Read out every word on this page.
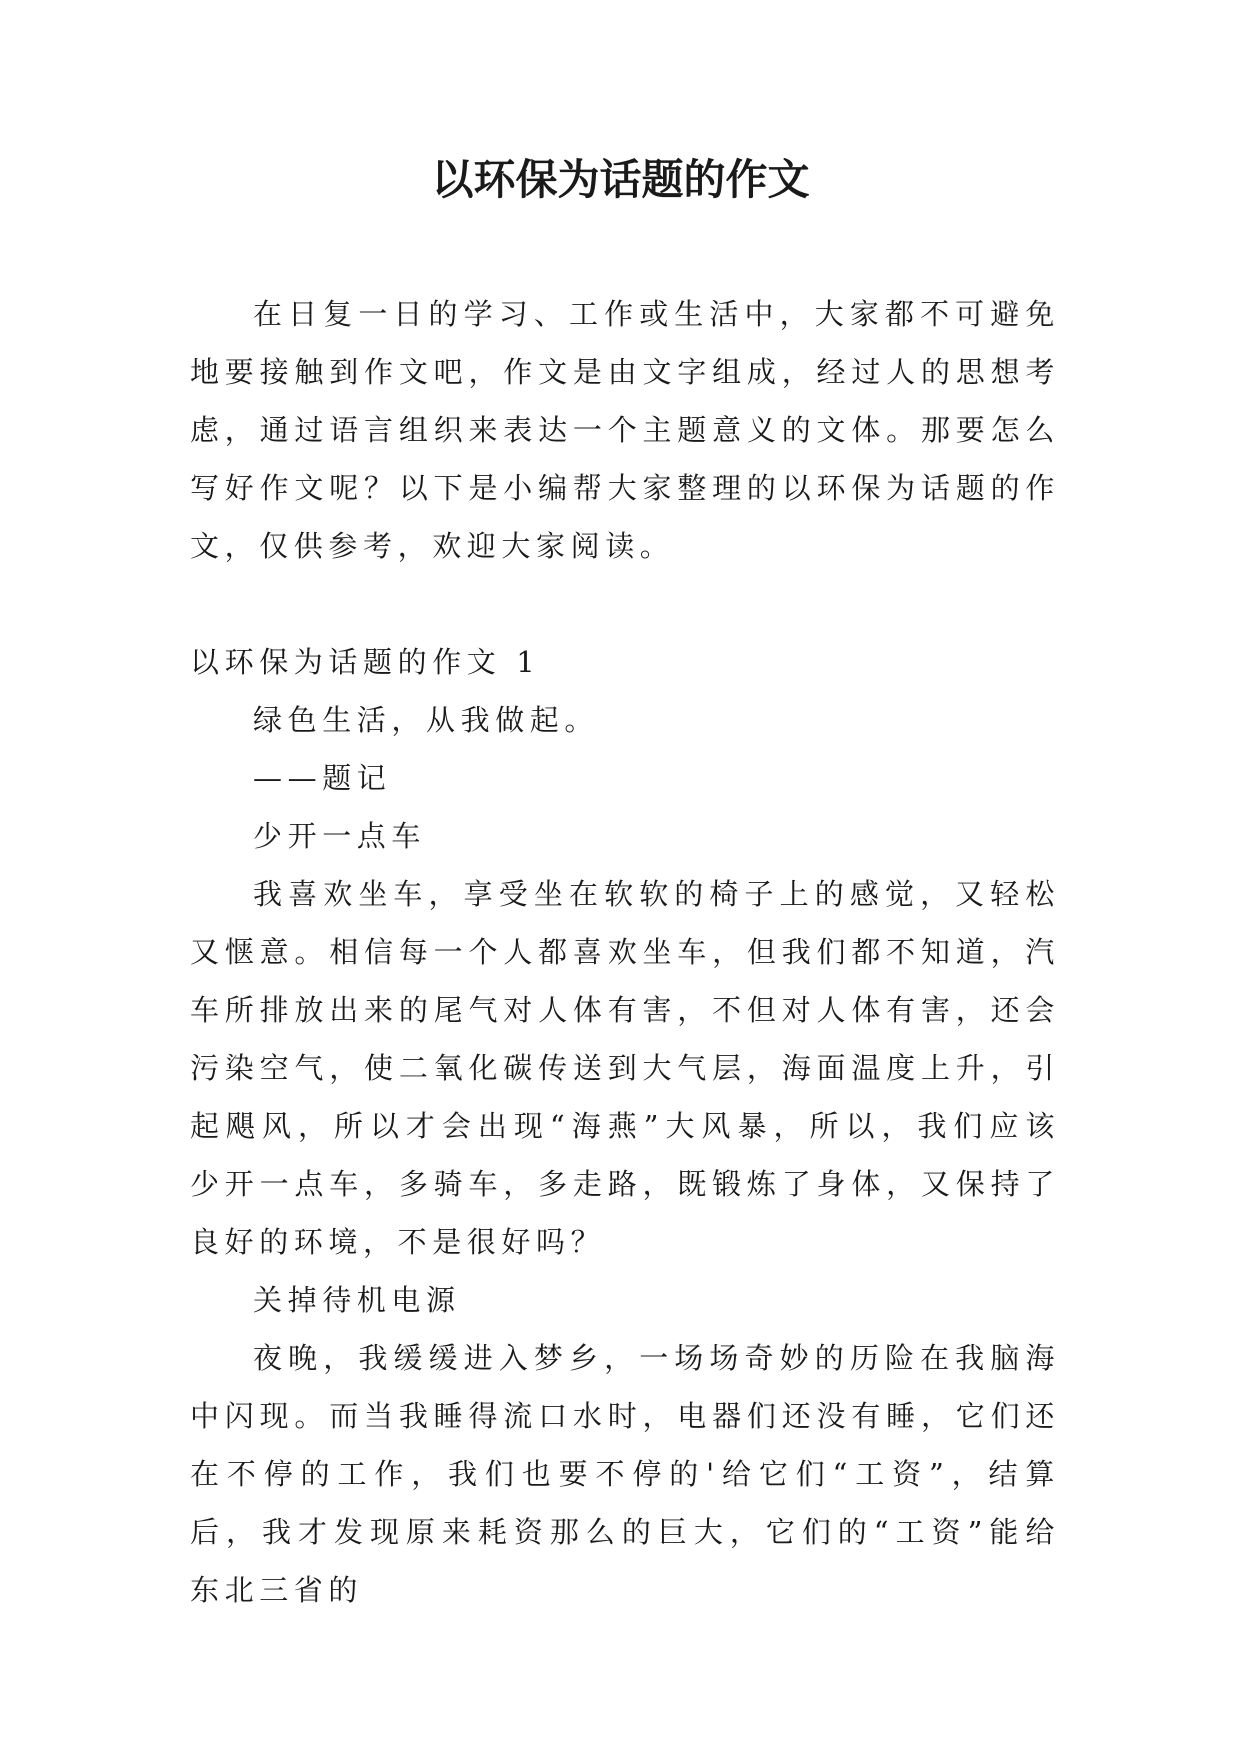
以环保为话题的作文

在日复一日的学习、工作或生活中，大家都不可避免地要接触到作文吧，作文是由文字组成，经过人的思想考虑，通过语言组织来表达一个主题意义的文体。那要怎么写好作文呢？以下是小编帮大家整理的以环保为话题的作文，仅供参考，欢迎大家阅读。

以环保为话题的作文 1

绿色生活，从我做起。

——题记

少开一点车

我喜欢坐车，享受坐在软软的椅子上的感觉，又轻松又惬意。相信每一个人都喜欢坐车，但我们都不知道，汽车所排放出来的尾气对人体有害，不但对人体有害，还会污染空气，使二氧化碳传送到大气层，海面温度上升，引起飓风，所以才会出现“海燕”大风暴，所以，我们应该少开一点车，多骑车，多走路，既锻炼了身体，又保持了良好的环境，不是很好吗？

关掉待机电源

夜晚，我缓缓进入梦乡，一场场奇妙的历险在我脑海中闪现。而当我睡得流口水时，电器们还没有睡，它们还在不停的工作，我们也要不停的'给它们“工资”，结算后，我才发现原来耗资那么的巨大，它们的“工资”能给东北三省的
